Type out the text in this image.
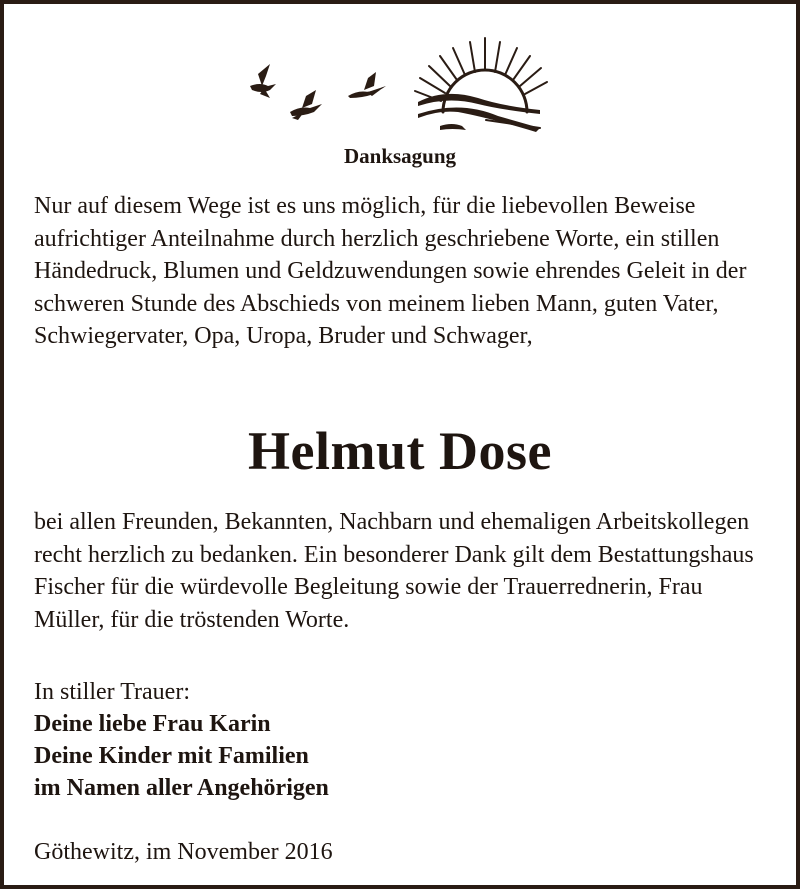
Danksagung

Nur auf diesem Wege ist es uns möglich, für die liebevollen Beweise aufrichtiger Anteilnahme durch herzlich geschriebene Worte, ein stillen Händedruck, Blumen und Geldzuwendungen sowie ehrendes Geleit in der schweren Stunde des Abschieds von meinem lieben Mann, guten Vater, Schwiegervater, Opa, Uropa, Bruder und Schwager,

Helmut Dose

bei allen Freunden, Bekannten, Nachbarn und ehemaligen Arbeitskollegen recht herzlich zu bedanken. Ein besonderer Dank gilt dem Bestattungshaus Fischer für die würdevolle Begleitung sowie der Trauerrednerin, Frau Müller, für die tröstenden Worte.

In stiller Trauer:
Deine liebe Frau Karin
Deine Kinder mit Familien
im Namen aller Angehörigen
Göthewitz, im November 2016
